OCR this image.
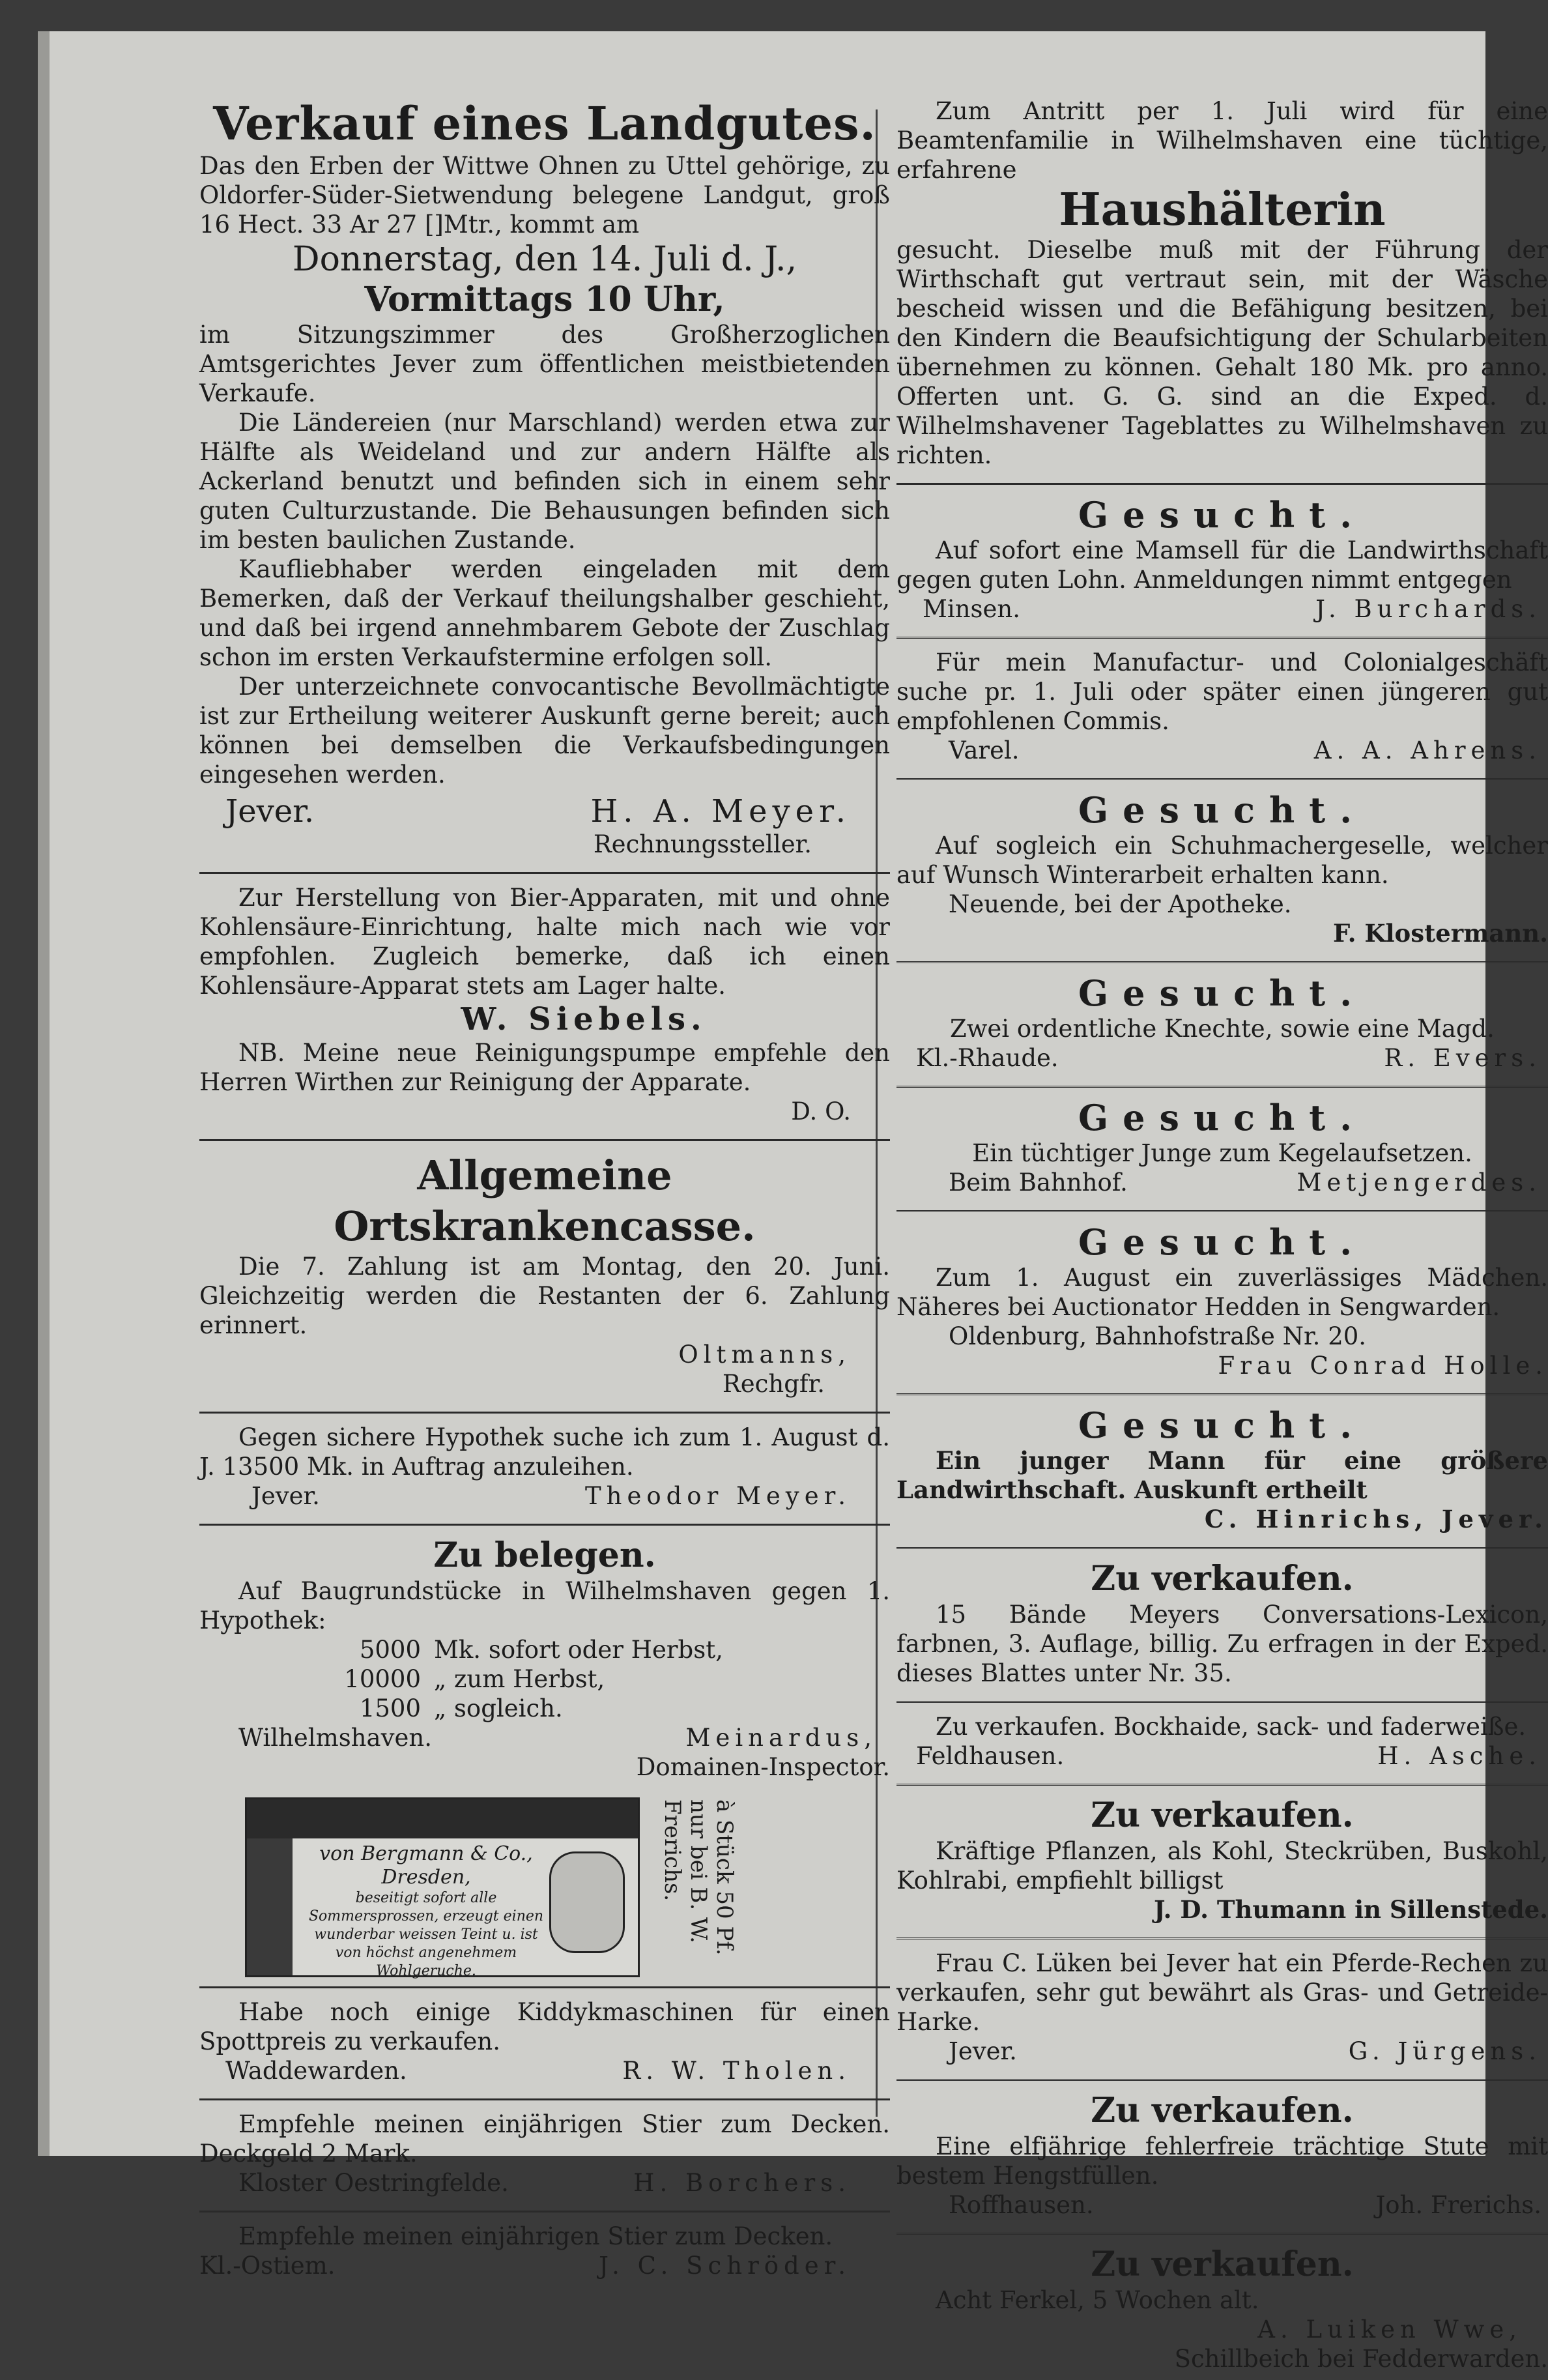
Verkauf eines Landgutes.

Das den Erben der Wittwe Ohnen zu Uttel gehörige, zu Oldorfer-Süder-Sietwendung belegene Landgut, groß 16 Hect. 33 Ar 27 []Mtr., kommt am

Donnerstag, den 14. Juli d. J.,
Vormittags 10 Uhr,

im Sitzungszimmer des Großherzoglichen Amtsgerichtes Jever zum öffentlichen meistbietenden Verkaufe.

Die Ländereien (nur Marschland) werden etwa zur Hälfte als Weideland und zur andern Hälfte als Ackerland benutzt und befinden sich in einem sehr guten Culturzustande. Die Behausungen befinden sich im besten baulichen Zustande.

Kaufliebhaber werden eingeladen mit dem Bemerken, daß der Verkauf theilungshalber geschieht, und daß bei irgend annehmbarem Gebote der Zuschlag schon im ersten Verkaufstermine erfolgen soll.

Der unterzeichnete convocantische Bevollmächtigte ist zur Ertheilung weiterer Auskunft gerne bereit; auch können bei demselben die Verkaufsbedingungen eingesehen werden.

Jever.	H. A. Meyer.
Rechnungssteller.

Zur Herstellung von Bier-Apparaten, mit und ohne Kohlensäure-Einrichtung, halte mich nach wie vor empfohlen. Zugleich bemerke, daß ich einen Kohlensäure-Apparat stets am Lager halte.

W. Siebels.

NB. Meine neue Reinigungspumpe empfehle den Herren Wirthen zur Reinigung der Apparate.

D. O.
Allgemeine Ortskrankencasse.

Die 7. Zahlung ist am Montag, den 20. Juni. Gleichzeitig werden die Restanten der 6. Zahlung erinnert.

Oltmanns,
Rechgfr.

Gegen sichere Hypothek suche ich zum 1. August d. J. 13500 Mk. in Auftrag anzuleihen.

Jever.	Theodor Meyer.
Zu belegen.

Auf Baugrundstücke in Wilhelmshaven gegen 1. Hypothek:

5000 Mk. sofort oder Herbst,
10000 „ zum Herbst,
1500 „ sogleich.
Wilhelmshaven.	Meinardus,
Domainen-Inspector.
von Bergmann & Co., Dresden,
beseitigt sofort alle Sommersprossen, erzeugt einen wunderbar weissen Teint u. ist von höchst angenehmem Wohlgeruche.
à Stück 50 Pf. nur bei B. W. Frerichs.

Habe noch einige Kiddykmaschinen für einen Spottpreis zu verkaufen.

Waddewarden.	R. W. Tholen.

Empfehle meinen einjährigen Stier zum Decken. Deckgeld 2 Mark.

Kloster Oestringfelde.	H. Borchers.

Empfehle meinen einjährigen Stier zum Decken.

Kl.-Ostiem.	J. C. Schröder.

Zum Antritt per 1. Juli wird für eine Beamtenfamilie in Wilhelmshaven eine tüchtige, erfahrene

Haushälterin

gesucht. Dieselbe muß mit der Führung der Wirthschaft gut vertraut sein, mit der Wäsche bescheid wissen und die Befähigung besitzen, bei den Kindern die Beaufsichtigung der Schularbeiten übernehmen zu können. Gehalt 180 Mk. pro anno. Offerten unt. G. G. sind an die Exped. d. Wilhelmshavener Tageblattes zu Wilhelmshaven zu richten.

Gesucht.

Auf sofort eine Mamsell für die Landwirthschaft gegen guten Lohn. Anmeldungen nimmt entgegen

Minsen.	J. Burchards.

Für mein Manufactur- und Colonialgeschäft suche pr. 1. Juli oder später einen jüngeren gut empfohlenen Commis.

Varel.	A. A. Ahrens.
Gesucht.

Auf sogleich ein Schuhmachergeselle, welcher auf Wunsch Winterarbeit erhalten kann.

Neuende, bei der Apotheke.
F. Klostermann.
Gesucht.

Zwei ordentliche Knechte, sowie eine Magd.

Kl.-Rhaude.	R. Evers.
Gesucht.

Ein tüchtiger Junge zum Kegelaufsetzen.

Beim Bahnhof.	Metjengerdes.
Gesucht.

Zum 1. August ein zuverlässiges Mädchen. Näheres bei Auctionator Hedden in Sengwarden.

Oldenburg, Bahnhofstraße Nr. 20.
Frau Conrad Holle.
Gesucht.

Ein junger Mann für eine größere Landwirthschaft. Auskunft ertheilt

C. Hinrichs, Jever.
Zu verkaufen.

15 Bände Meyers Conversations-Lexicon, farbnen, 3. Auflage, billig. Zu erfragen in der Exped. dieses Blattes unter Nr. 35.

Zu verkaufen. Bockhaide, sack- und faderweiße.

Feldhausen.	H. Asche.
Zu verkaufen.

Kräftige Pflanzen, als Kohl, Steckrüben, Buskohl, Kohlrabi, empfiehlt billigst

J. D. Thumann in Sillenstede.

Frau C. Lüken bei Jever hat ein Pferde-Rechen zu verkaufen, sehr gut bewährt als Gras- und Getreide-Harke.

Jever.	G. Jürgens.
Zu verkaufen.

Eine elfjährige fehlerfreie trächtige Stute mit bestem Hengstfüllen.

Roffhausen.	Joh. Frerichs.
Zu verkaufen.

Acht Ferkel, 5 Wochen alt.

A. Luiken Wwe,
Schillbeich bei Fedderwarden.
